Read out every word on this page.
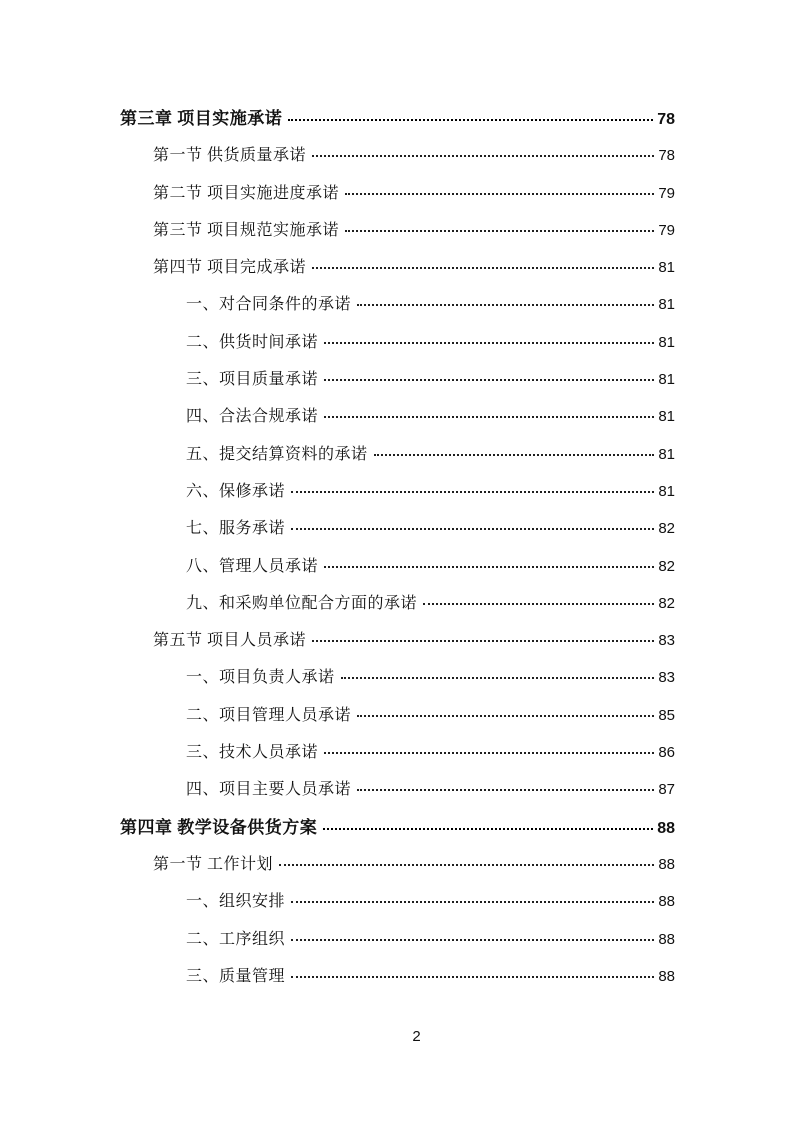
第三章 项目实施承诺	78
第一节 供货质量承诺	78
第二节 项目实施进度承诺	79
第三节 项目规范实施承诺	79
第四节 项目完成承诺	81
一、对合同条件的承诺	81
二、供货时间承诺	81
三、项目质量承诺	81
四、合法合规承诺	81
五、提交结算资料的承诺	81
六、保修承诺	81
七、服务承诺	82
八、管理人员承诺	82
九、和采购单位配合方面的承诺	82
第五节 项目人员承诺	83
一、项目负责人承诺	83
二、项目管理人员承诺	85
三、技术人员承诺	86
四、项目主要人员承诺	87
第四章 教学设备供货方案	88
第一节 工作计划	88
一、组织安排	88
二、工序组织	88
三、质量管理	88
2
